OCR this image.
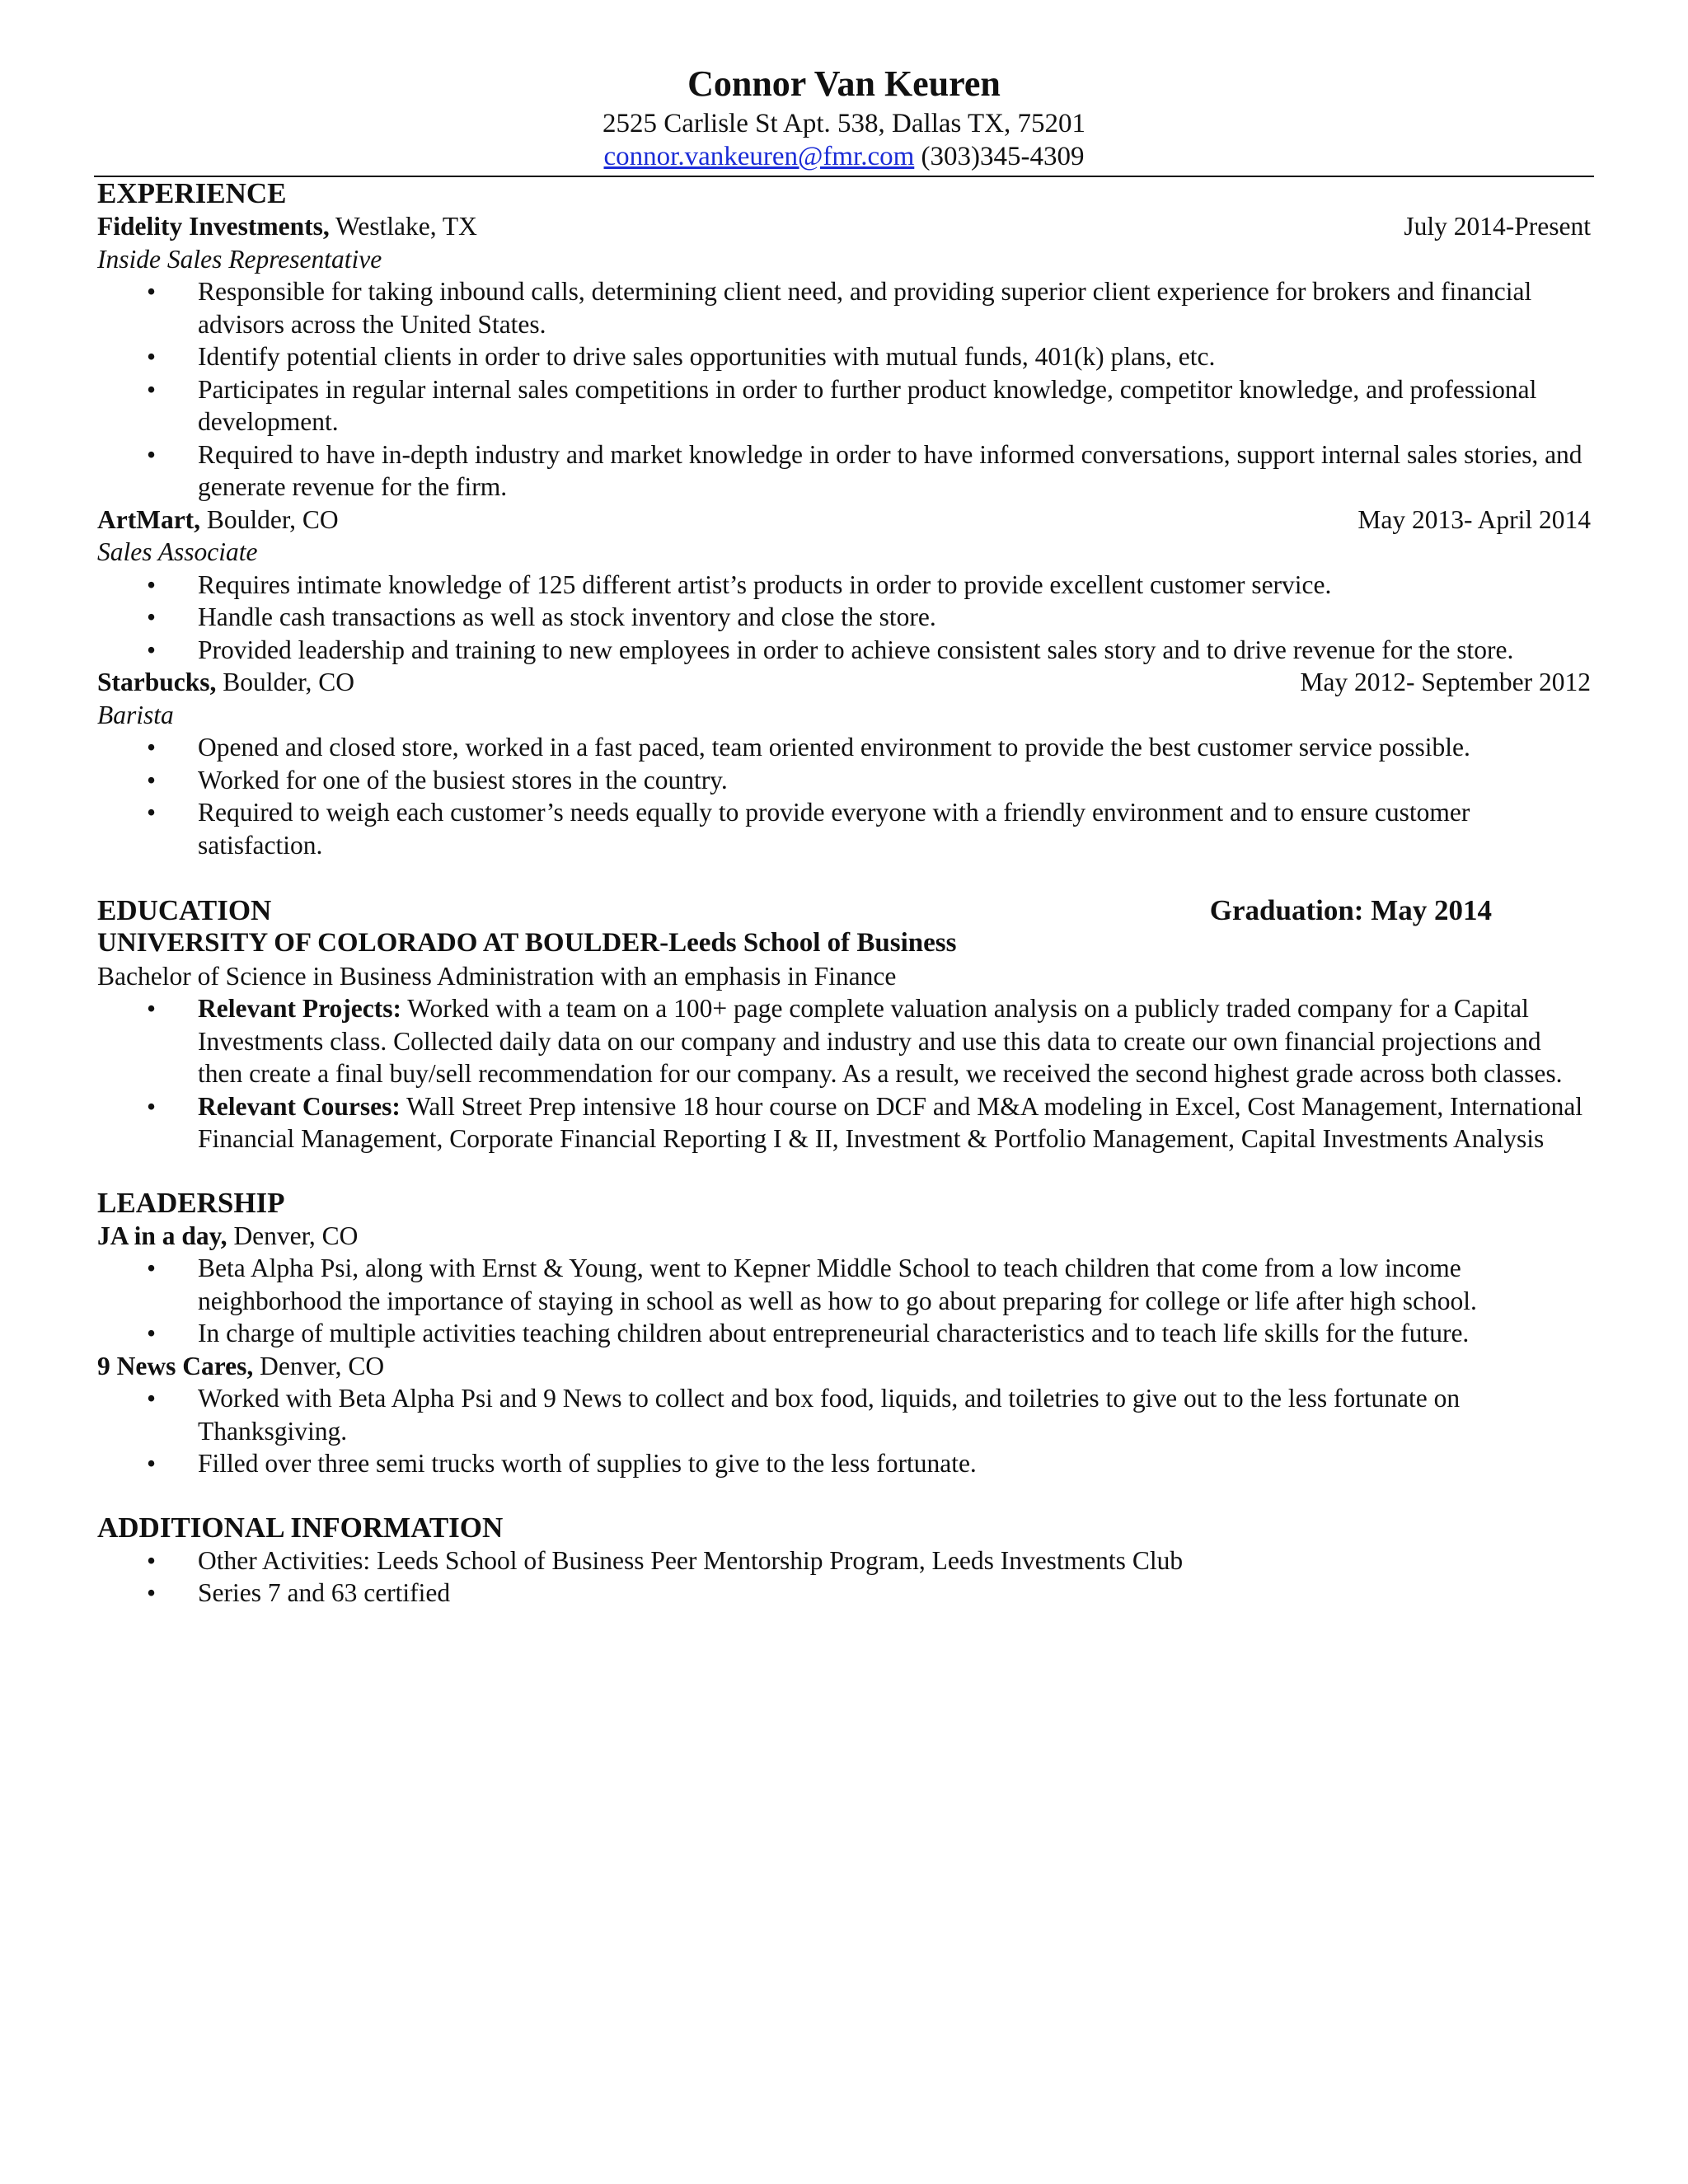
Connor Van Keuren
2525 Carlisle St Apt. 538, Dallas TX, 75201
connor.vankeuren@fmr.com (303)345-4309
EXPERIENCE
Fidelity Investments, Westlake, TX	July 2014-Present
Inside Sales Representative
• Responsible for taking inbound calls, determining client need, and providing superior client experience for brokers and financial advisors across the United States.
• Identify potential clients in order to drive sales opportunities with mutual funds, 401(k) plans, etc.
• Participates in regular internal sales competitions in order to further product knowledge, competitor knowledge, and professional development.
• Required to have in-depth industry and market knowledge in order to have informed conversations, support internal sales stories, and generate revenue for the firm.
ArtMart, Boulder, CO	May 2013- April 2014
Sales Associate
• Requires intimate knowledge of 125 different artist’s products in order to provide excellent customer service.
• Handle cash transactions as well as stock inventory and close the store.
• Provided leadership and training to new employees in order to achieve consistent sales story and to drive revenue for the store.
Starbucks, Boulder, CO	May 2012- September 2012
Barista
• Opened and closed store, worked in a fast paced, team oriented environment to provide the best customer service possible.
• Worked for one of the busiest stores in the country.
• Required to weigh each customer’s needs equally to provide everyone with a friendly environment and to ensure customer satisfaction.
EDUCATION	Graduation: May 2014
UNIVERSITY OF COLORADO AT BOULDER-Leeds School of Business
Bachelor of Science in Business Administration with an emphasis in Finance
• Relevant Projects: Worked with a team on a 100+ page complete valuation analysis on a publicly traded company for a Capital Investments class. Collected daily data on our company and industry and use this data to create our own financial projections and then create a final buy/sell recommendation for our company. As a result, we received the second highest grade across both classes.
• Relevant Courses: Wall Street Prep intensive 18 hour course on DCF and M&A modeling in Excel, Cost Management, International Financial Management, Corporate Financial Reporting I & II, Investment & Portfolio Management, Capital Investments Analysis
LEADERSHIP
JA in a day, Denver, CO
• Beta Alpha Psi, along with Ernst & Young, went to Kepner Middle School to teach children that come from a low income neighborhood the importance of staying in school as well as how to go about preparing for college or life after high school.
• In charge of multiple activities teaching children about entrepreneurial characteristics and to teach life skills for the future.
9 News Cares, Denver, CO
• Worked with Beta Alpha Psi and 9 News to collect and box food, liquids, and toiletries to give out to the less fortunate on Thanksgiving.
• Filled over three semi trucks worth of supplies to give to the less fortunate.
ADDITIONAL INFORMATION
• Other Activities: Leeds School of Business Peer Mentorship Program, Leeds Investments Club
• Series 7 and 63 certified
